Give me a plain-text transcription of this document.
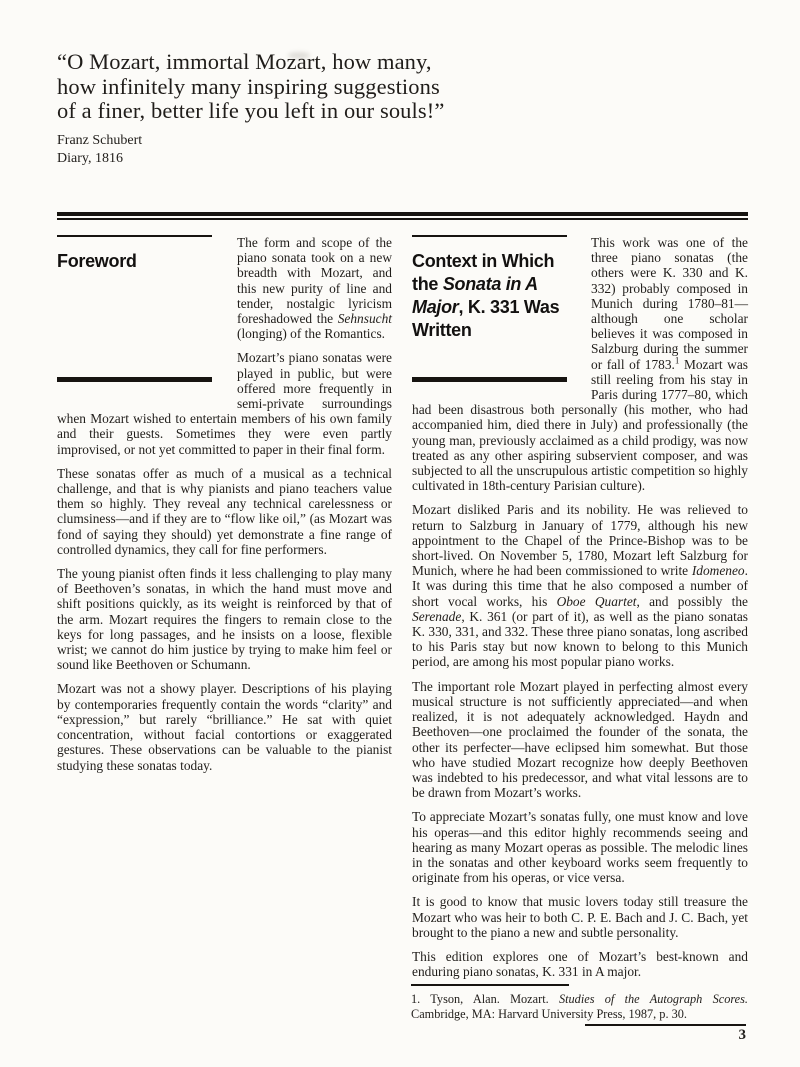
“O Mozart, immortal Mozart, how many,
how infinitely many inspiring suggestions
of a finer, better life you left in our souls!”
Franz Schubert
Diary, 1816
Foreword

The form and scope of the piano sonata took on a new breadth with Mozart, and this new purity of line and tender, nostalgic lyricism foreshadowed the Sehnsucht (longing) of the Romantics.

Mozart’s piano sonatas were played in public, but were offered more frequently in semi-private surroundings when Mozart wished to entertain members of his own family and their guests. Sometimes they were even partly improvised, or not yet committed to paper in their final form.

These sonatas offer as much of a musical as a technical challenge, and that is why pianists and piano teachers value them so highly. They reveal any technical carelessness or clumsiness—and if they are to “flow like oil,” (as Mozart was fond of saying they should) yet demonstrate a fine range of controlled dynamics, they call for fine performers.

The young pianist often finds it less challenging to play many of Beethoven’s sonatas, in which the hand must move and shift positions quickly, as its weight is reinforced by that of the arm. Mozart requires the fingers to remain close to the keys for long passages, and he insists on a loose, flexible wrist; we cannot do him justice by trying to make him feel or sound like Beethoven or Schumann.

Mozart was not a showy player. Descriptions of his playing by contemporaries frequently contain the words “clarity” and “expression,” but rarely “brilliance.” He sat with quiet concentration, without facial contortions or exaggerated gestures. These observations can be valuable to the pianist studying these sonatas today.

Context in Which the Sonata in A Major, K. 331 Was Written

This work was one of the three piano sonatas (the others were K. 330 and K. 332) probably composed in Munich during 1780–81—although one scholar believes it was composed in Salzburg during the summer or fall of 1783.$^1$ Mozart was still reeling from his stay in Paris during 1777–80, which had been disastrous both personally (his mother, who had accompanied him, died there in July) and professionally (the young man, previously acclaimed as a child prodigy, was now treated as any other aspiring subservient composer, and was subjected to all the unscrupulous artistic competition so highly cultivated in 18th-century Parisian culture).

Mozart disliked Paris and its nobility. He was relieved to return to Salzburg in January of 1779, although his new appointment to the Chapel of the Prince-Bishop was to be short-lived. On November 5, 1780, Mozart left Salzburg for Munich, where he had been commissioned to write Idomeneo. It was during this time that he also composed a number of short vocal works, his Oboe Quartet, and possibly the Serenade, K. 361 (or part of it), as well as the piano sonatas K. 330, 331, and 332. These three piano sonatas, long ascribed to his Paris stay but now known to belong to this Munich period, are among his most popular piano works.

The important role Mozart played in perfecting almost every musical structure is not sufficiently appreciated—and when realized, it is not adequately acknowledged. Haydn and Beethoven—one proclaimed the founder of the sonata, the other its perfecter—have eclipsed him somewhat. But those who have studied Mozart recognize how deeply Beethoven was indebted to his predecessor, and what vital lessons are to be drawn from Mozart’s works.

To appreciate Mozart’s sonatas fully, one must know and love his operas—and this editor highly recommends seeing and hearing as many Mozart operas as possible. The melodic lines in the sonatas and other keyboard works seem frequently to originate from his operas, or vice versa.

It is good to know that music lovers today still treasure the Mozart who was heir to both C. P. E. Bach and J. C. Bach, yet brought to the piano a new and subtle personality.

This edition explores one of Mozart’s best-known and enduring piano sonatas, K. 331 in A major.

1. Tyson, Alan. Mozart. Studies of the Autograph Scores. Cambridge, MA: Harvard University Press, 1987, p. 30.

3
